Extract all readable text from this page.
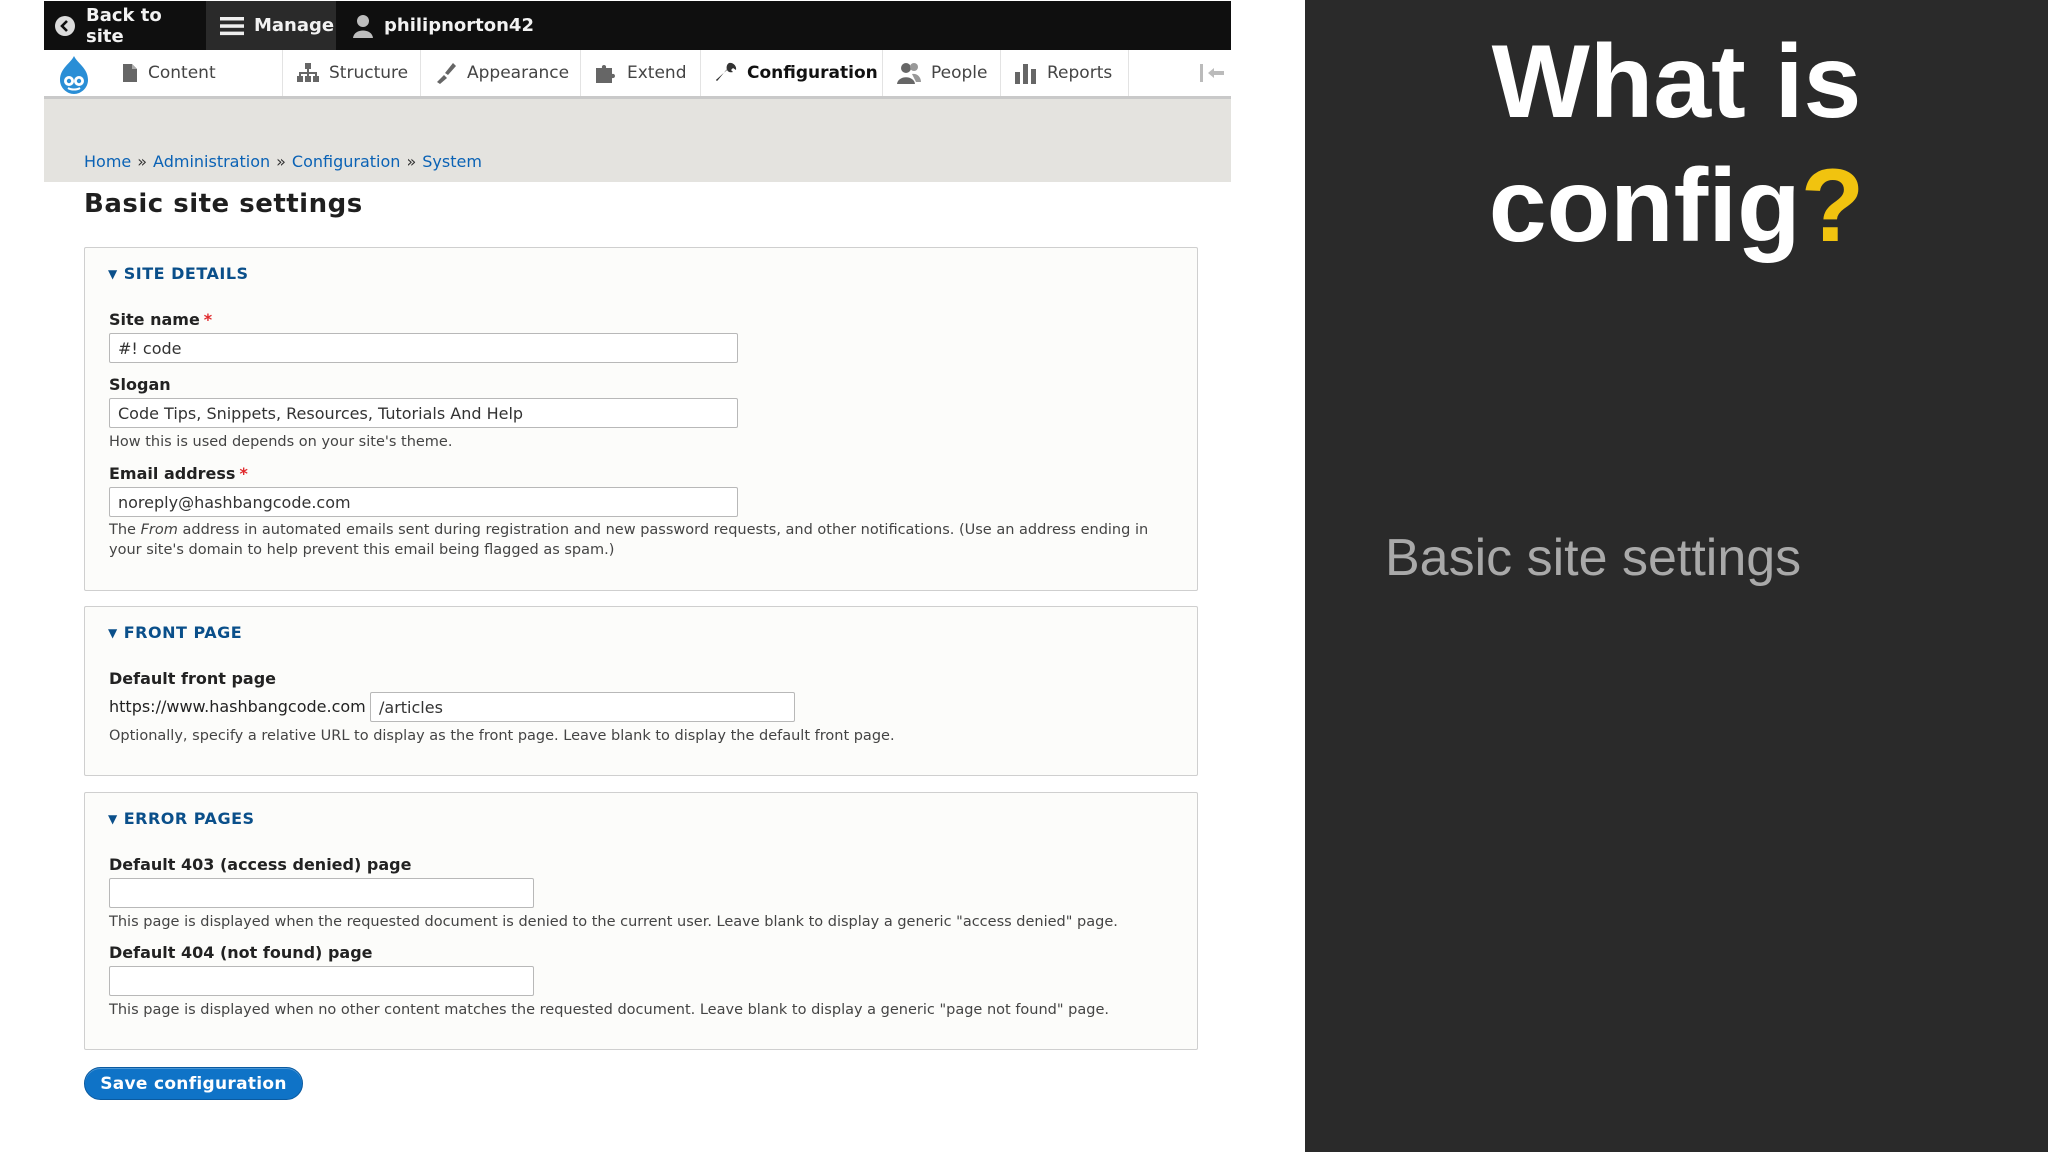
Back to site	Manage	philipnorton42
Content	Structure	Appearance	Extend	Configuration	People	Reports
Home » Administration » Configuration » System
Basic site settings
▼ SITE DETAILS
Site name *
#! code
Slogan
Code Tips, Snippets, Resources, Tutorials And Help
How this is used depends on your site's theme.
Email address *
noreply@hashbangcode.com
The From address in automated emails sent during registration and new password requests, and other notifications. (Use an address ending in your site's domain to help prevent this email being flagged as spam.)
▼ FRONT PAGE
Default front page
https://www.hashbangcode.com /articles
Optionally, specify a relative URL to display as the front page. Leave blank to display the default front page.
▼ ERROR PAGES
Default 403 (access denied) page
This page is displayed when the requested document is denied to the current user. Leave blank to display a generic "access denied" page.
Default 404 (not found) page
This page is displayed when no other content matches the requested document. Leave blank to display a generic "page not found" page.
Save configuration
What is
config?
Basic site settings
